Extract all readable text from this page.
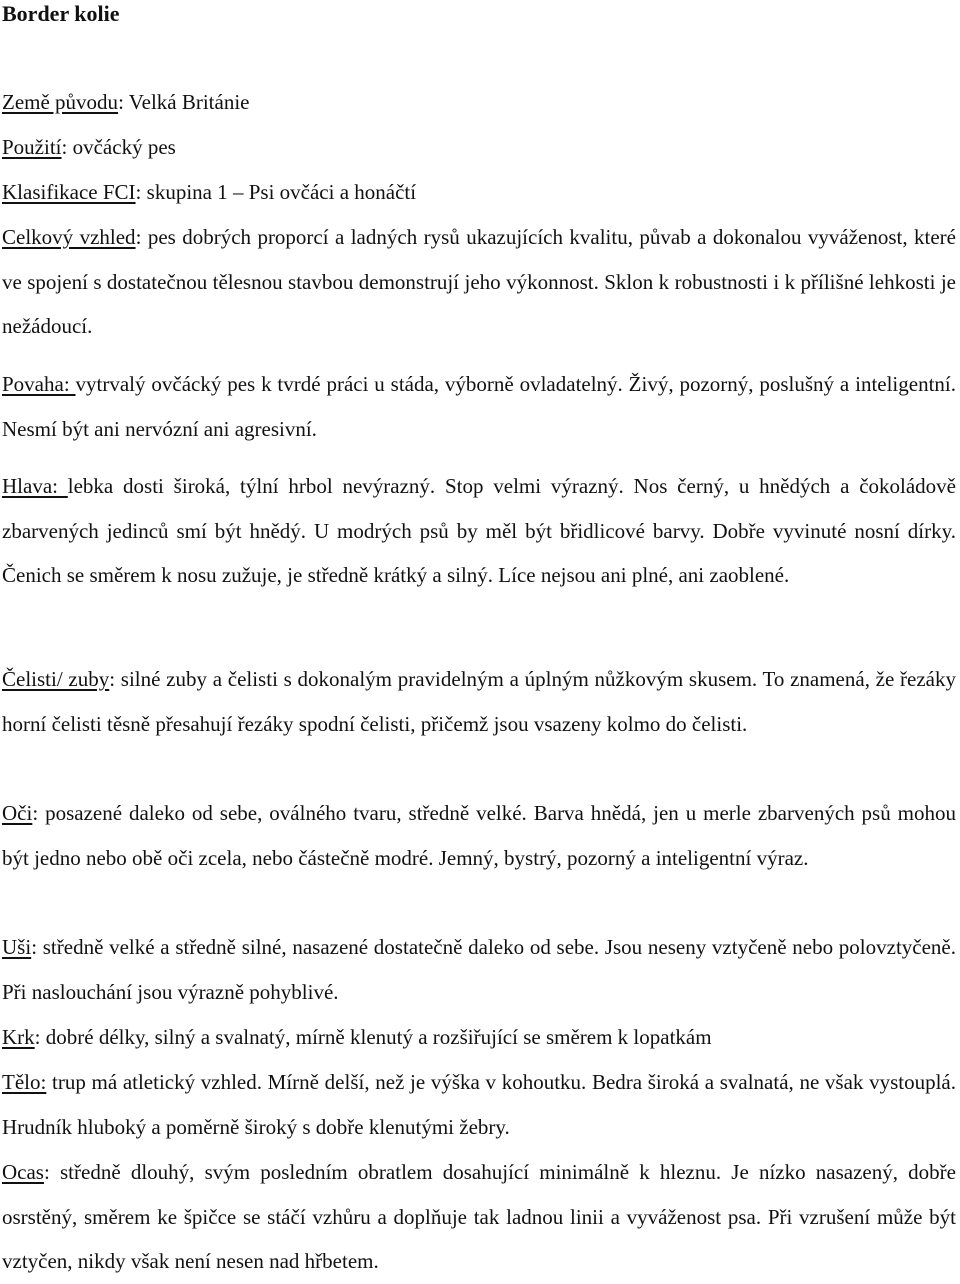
Border kolie

Země původu: Velká Británie

Použití: ovčácký pes

Klasifikace FCI: skupina 1 – Psi ovčáci a honáčtí

Celkový vzhled: pes dobrých proporcí a ladných rysů ukazujících kvalitu, půvab a dokonalou vyváženost, které ve spojení s dostatečnou tělesnou stavbou demonstrují jeho výkonnost. Sklon k robustnosti i k přílišné lehkosti je nežádoucí.

Povaha: vytrvalý ovčácký pes k tvrdé práci u stáda, výborně ovladatelný. Živý, pozorný, poslušný a inteligentní. Nesmí být ani nervózní ani agresivní.

Hlava: lebka dosti široká, týlní hrbol nevýrazný. Stop velmi výrazný. Nos černý, u hnědých a čokoládově zbarvených jedinců smí být hnědý. U modrých psů by měl být břidlicové barvy. Dobře vyvinuté nosní dírky. Čenich se směrem k nosu zužuje, je středně krátký a silný. Líce nejsou ani plné, ani zaoblené.

Čelisti/ zuby: silné zuby a čelisti s dokonalým pravidelným a úplným nůžkovým skusem. To znamená, že řezáky horní čelisti těsně přesahují řezáky spodní čelisti, přičemž jsou vsazeny kolmo do čelisti.

Oči: posazené daleko od sebe, oválného tvaru, středně velké. Barva hnědá, jen u merle zbarvených psů mohou být jedno nebo obě oči zcela, nebo částečně modré. Jemný, bystrý, pozorný a inteligentní výraz.

Uši: středně velké a středně silné, nasazené dostatečně daleko od sebe. Jsou neseny vztyčeně nebo polovztyčeně. Při naslouchání jsou výrazně pohyblivé.

Krk: dobré délky, silný a svalnatý, mírně klenutý a rozšiřující se směrem k lopatkám

Tělo: trup má atletický vzhled. Mírně delší, než je výška v kohoutku. Bedra široká a svalnatá, ne však vystouplá. Hrudník hluboký a poměrně široký s dobře klenutými žebry.

Ocas: středně dlouhý, svým posledním obratlem dosahující minimálně k hleznu. Je nízko nasazený, dobře osrstěný, směrem ke špičce se stáčí vzhůru a doplňuje tak ladnou linii a vyváženost psa. Při vzrušení může být vztyčen, nikdy však není nesen nad hřbetem.
